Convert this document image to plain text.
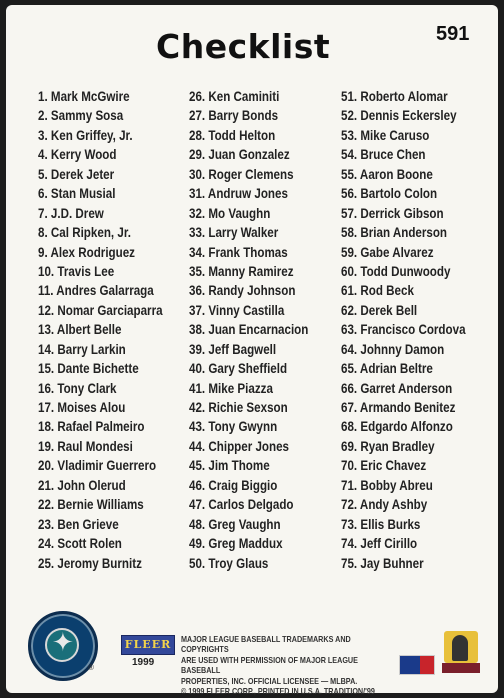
Checklist	591
1. Mark McGwire
2. Sammy Sosa
3. Ken Griffey, Jr.
4. Kerry Wood
5. Derek Jeter
6. Stan Musial
7. J.D. Drew
8. Cal Ripken, Jr.
9. Alex Rodriguez
10. Travis Lee
11. Andres Galarraga
12. Nomar Garciaparra
13. Albert Belle
14. Barry Larkin
15. Dante Bichette
16. Tony Clark
17. Moises Alou
18. Rafael Palmeiro
19. Raul Mondesi
20. Vladimir Guerrero
21. John Olerud
22. Bernie Williams
23. Ben Grieve
24. Scott Rolen
25. Jeromy Burnitz
26. Ken Caminiti
27. Barry Bonds
28. Todd Helton
29. Juan Gonzalez
30. Roger Clemens
31. Andruw Jones
32. Mo Vaughn
33. Larry Walker
34. Frank Thomas
35. Manny Ramirez
36. Randy Johnson
37. Vinny Castilla
38. Juan Encarnacion
39. Jeff Bagwell
40. Gary Sheffield
41. Mike Piazza
42. Richie Sexson
43. Tony Gwynn
44. Chipper Jones
45. Jim Thome
46. Craig Biggio
47. Carlos Delgado
48. Greg Vaughn
49. Greg Maddux
50. Troy Glaus
51. Roberto Alomar
52. Dennis Eckersley
53. Mike Caruso
54. Bruce Chen
55. Aaron Boone
56. Bartolo Colon
57. Derrick Gibson
58. Brian Anderson
59. Gabe Alvarez
60. Todd Dunwoody
61. Rod Beck
62. Derek Bell
63. Francisco Cordova
64. Johnny Damon
65. Adrian Beltre
66. Garret Anderson
67. Armando Benitez
68. Edgardo Alfonzo
69. Ryan Bradley
70. Eric Chavez
71. Bobby Abreu
72. Andy Ashby
73. Ellis Burks
74. Jeff Cirillo
75. Jay Buhner
✦
®
FLEER
1999
MAJOR LEAGUE BASEBALL TRADEMARKS AND COPYRIGHTS
ARE USED WITH PERMISSION OF MAJOR LEAGUE BASEBALL
PROPERTIES, INC. OFFICIAL LICENSEE — MLBPA.
© 1999 FLEER CORP., PRINTED IN U.S.A. TRADITION/'99
